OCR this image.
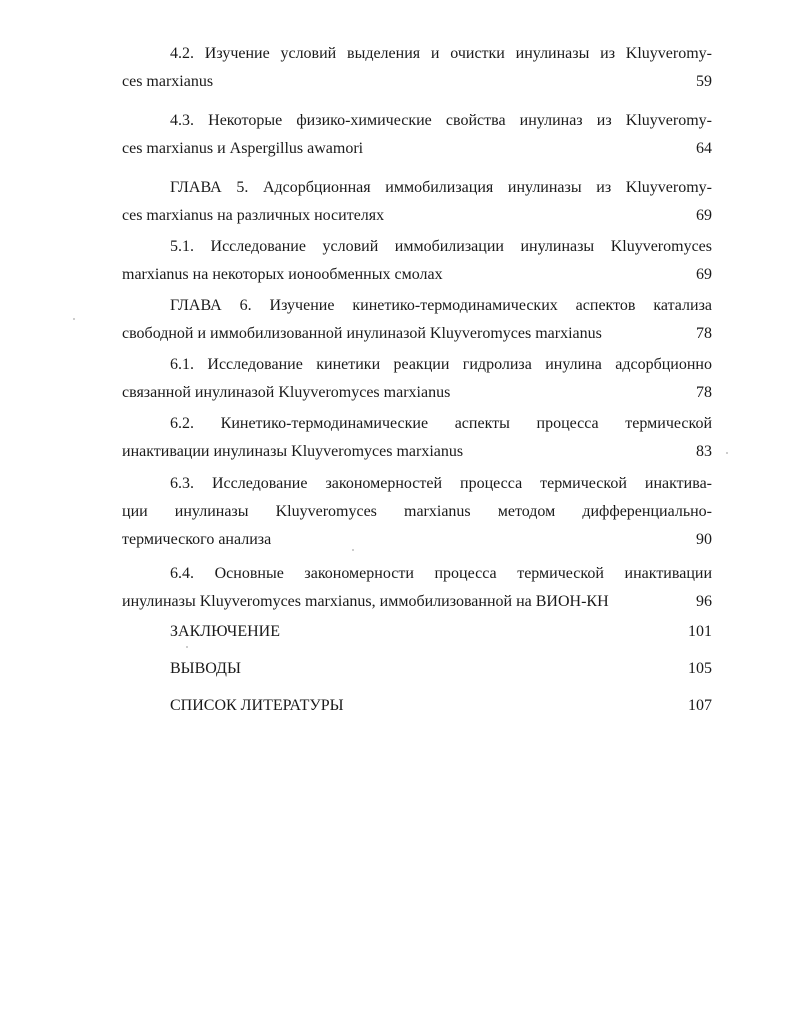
4.2. Изучение условий выделения и очистки инулиназы из Kluyveromy-
ces marxianus	59
4.3. Некоторые физико-химические свойства инулиназ из Kluyveromy-
ces marxianus и Aspergillus awamori	64
ГЛАВА 5. Адсорбционная иммобилизация инулиназы из Kluyveromy-
ces marxianus на различных носителях	69
5.1. Исследование условий иммобилизации инулиназы Kluyveromyces
marxianus на некоторых ионообменных смолах	69
ГЛАВА 6. Изучение кинетико-термодинамических аспектов катализа
свободной и иммобилизованной инулиназой Kluyveromyces marxianus	78
6.1. Исследование кинетики реакции гидролиза инулина адсорбционно
связанной инулиназой Kluyveromyces marxianus	78
6.2. Кинетико-термодинамические аспекты процесса термической
инактивации инулиназы Kluyveromyces marxianus	83
6.3. Исследование закономерностей процесса термической инактива-
ции инулиназы Kluyveromyces marxianus методом дифференциально-
термического анализа	90
6.4. Основные закономерности процесса термической инактивации
инулиназы Kluyveromyces marxianus, иммобилизованной на ВИОН-КН	96
ЗАКЛЮЧЕНИЕ	101
ВЫВОДЫ	105
СПИСОК ЛИТЕРАТУРЫ	107
